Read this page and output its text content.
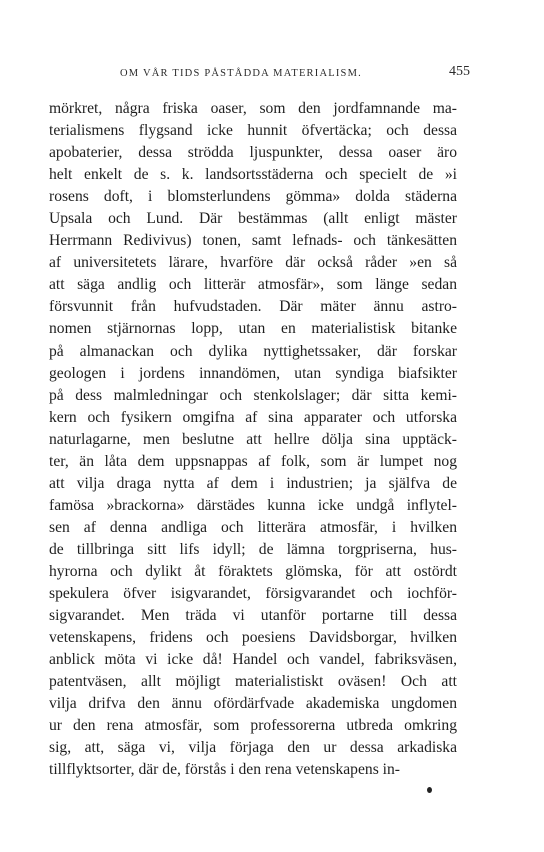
OM VÅR TIDS PÅSTÅDDA MATERIALISM.	455
mörkret, några friska oaser, som den jordfamnande ma-
terialismens flygsand icke hunnit öfvertäcka; och dessa
apobaterier, dessa strödda ljuspunkter, dessa oaser äro
helt enkelt de s. k. landsortsstäderna och specielt de »i
rosens doft, i blomsterlundens gömma» dolda städerna
Upsala och Lund. Där bestämmas (allt enligt mäster
Herrmann Redivivus) tonen, samt lefnads- och tänkesätten
af universitetets lärare, hvarföre där också råder »en så
att säga andlig och litterär atmosfär», som länge sedan
försvunnit från hufvudstaden. Där mäter ännu astro-
nomen stjärnornas lopp, utan en materialistisk bitanke
på almanackan och dylika nyttighetssaker, där forskar
geologen i jordens innandömen, utan syndiga biafsikter
på dess malmledningar och stenkolslager; där sitta kemi-
kern och fysikern omgifna af sina apparater och utforska
naturlagarne, men beslutne att hellre dölja sina upptäck-
ter, än låta dem uppsnappas af folk, som är lumpet nog
att vilja draga nytta af dem i industrien; ja själfva de
famösa »brackorna» därstädes kunna icke undgå inflytel-
sen af denna andliga och litterära atmosfär, i hvilken
de tillbringa sitt lifs idyll; de lämna torgpriserna, hus-
hyrorna och dylikt åt föraktets glömska, för att ostördt
spekulera öfver isigvarandet, försigvarandet och iochför-
sigvarandet. Men träda vi utanför portarne till dessa
vetenskapens, fridens och poesiens Davidsborgar, hvilken
anblick möta vi icke då! Handel och vandel, fabriksväsen,
patentväsen, allt möjligt materialistiskt oväsen! Och att
vilja drifva den ännu ofördärfvade akademiska ungdomen
ur den rena atmosfär, som professorerna utbreda omkring
sig, att, säga vi, vilja förjaga den ur dessa arkadiska
tillflyktsorter, där de, förstås i den rena vetenskapens in-
